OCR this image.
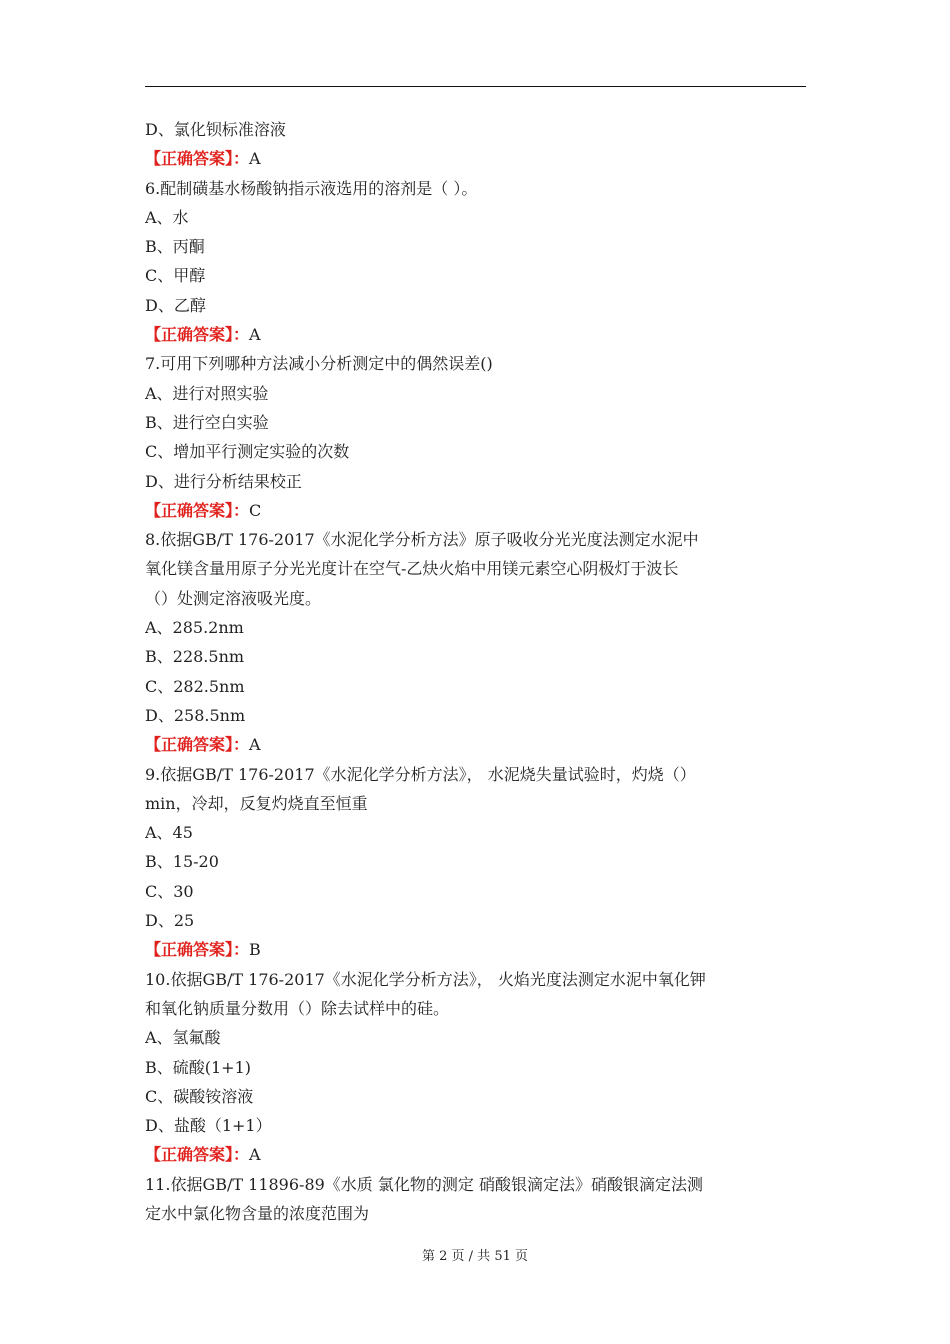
D、氯化钡标准溶液
【正确答案】：A
6.配制磺基水杨酸钠指示液选用的溶剂是（ ）。
A、水
B、丙酮
C、甲醇
D、乙醇
【正确答案】：A
7.可用下列哪种方法减小分析测定中的偶然误差()
A、进行对照实验
B、进行空白实验
C、增加平行测定实验的次数
D、进行分析结果校正
【正确答案】：C
8.依据GB/T 176-2017《水泥化学分析方法》原子吸收分光光度法测定水泥中
氧化镁含量用原子分光光度计在空气-乙炔火焰中用镁元素空心阴极灯于波长
（）处测定溶液吸光度。
A、285.2nm
B、228.5nm
C、282.5nm
D、258.5nm
【正确答案】：A
9.依据GB/T 176-2017《水泥化学分析方法》， 水泥烧失量试验时，灼烧（）
min，冷却，反复灼烧直至恒重
A、45
B、15-20
C、30
D、25
【正确答案】：B
10.依据GB/T 176-2017《水泥化学分析方法》， 火焰光度法测定水泥中氧化钾
和氧化钠质量分数用（）除去试样中的硅。
A、氢氟酸
B、硫酸(1+1)
C、碳酸铵溶液
D、盐酸（1+1）
【正确答案】：A
11.依据GB/T 11896-89《水质 氯化物的测定 硝酸银滴定法》硝酸银滴定法测
定水中氯化物含量的浓度范围为
第 2 页 / 共 51 页
